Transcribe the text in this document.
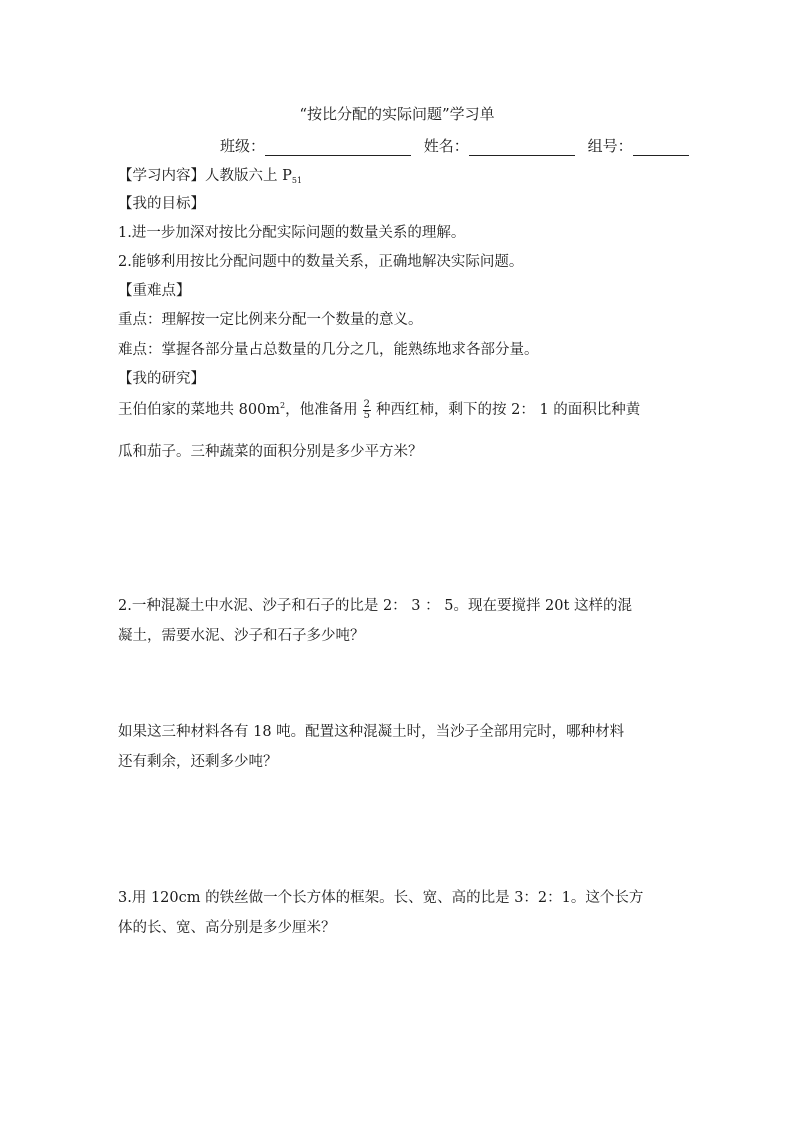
“按比分配的实际问题”学习单
班级：	姓名：	组号：
【学习内容】人教版六上 $P_{51}$
【我的目标】
1.进一步加深对按比分配实际问题的数量关系的理解。
2.能够利用按比分配问题中的数量关系，正确地解决实际问题。
【重难点】
重点：理解按一定比例来分配一个数量的意义。
难点：掌握各部分量占总数量的几分之几，能熟练地求各部分量。
【我的研究】
王伯伯家的菜地共 $800m^2$，他准备用 $\frac{2}{5}$ 种西红柿，剩下的按 2： 1 的面积比种黄
瓜和茄子。三种蔬菜的面积分别是多少平方米？
2.一种混凝土中水泥、沙子和石子的比是 2： 3 ： 5。现在要搅拌 20t 这样的混
凝土，需要水泥、沙子和石子多少吨？
如果这三种材料各有 18 吨。配置这种混凝土时，当沙子全部用完时，哪种材料
还有剩余，还剩多少吨？
3.用 120cm 的铁丝做一个长方体的框架。长、宽、高的比是 3：2：1。这个长方
体的长、宽、高分别是多少厘米？
